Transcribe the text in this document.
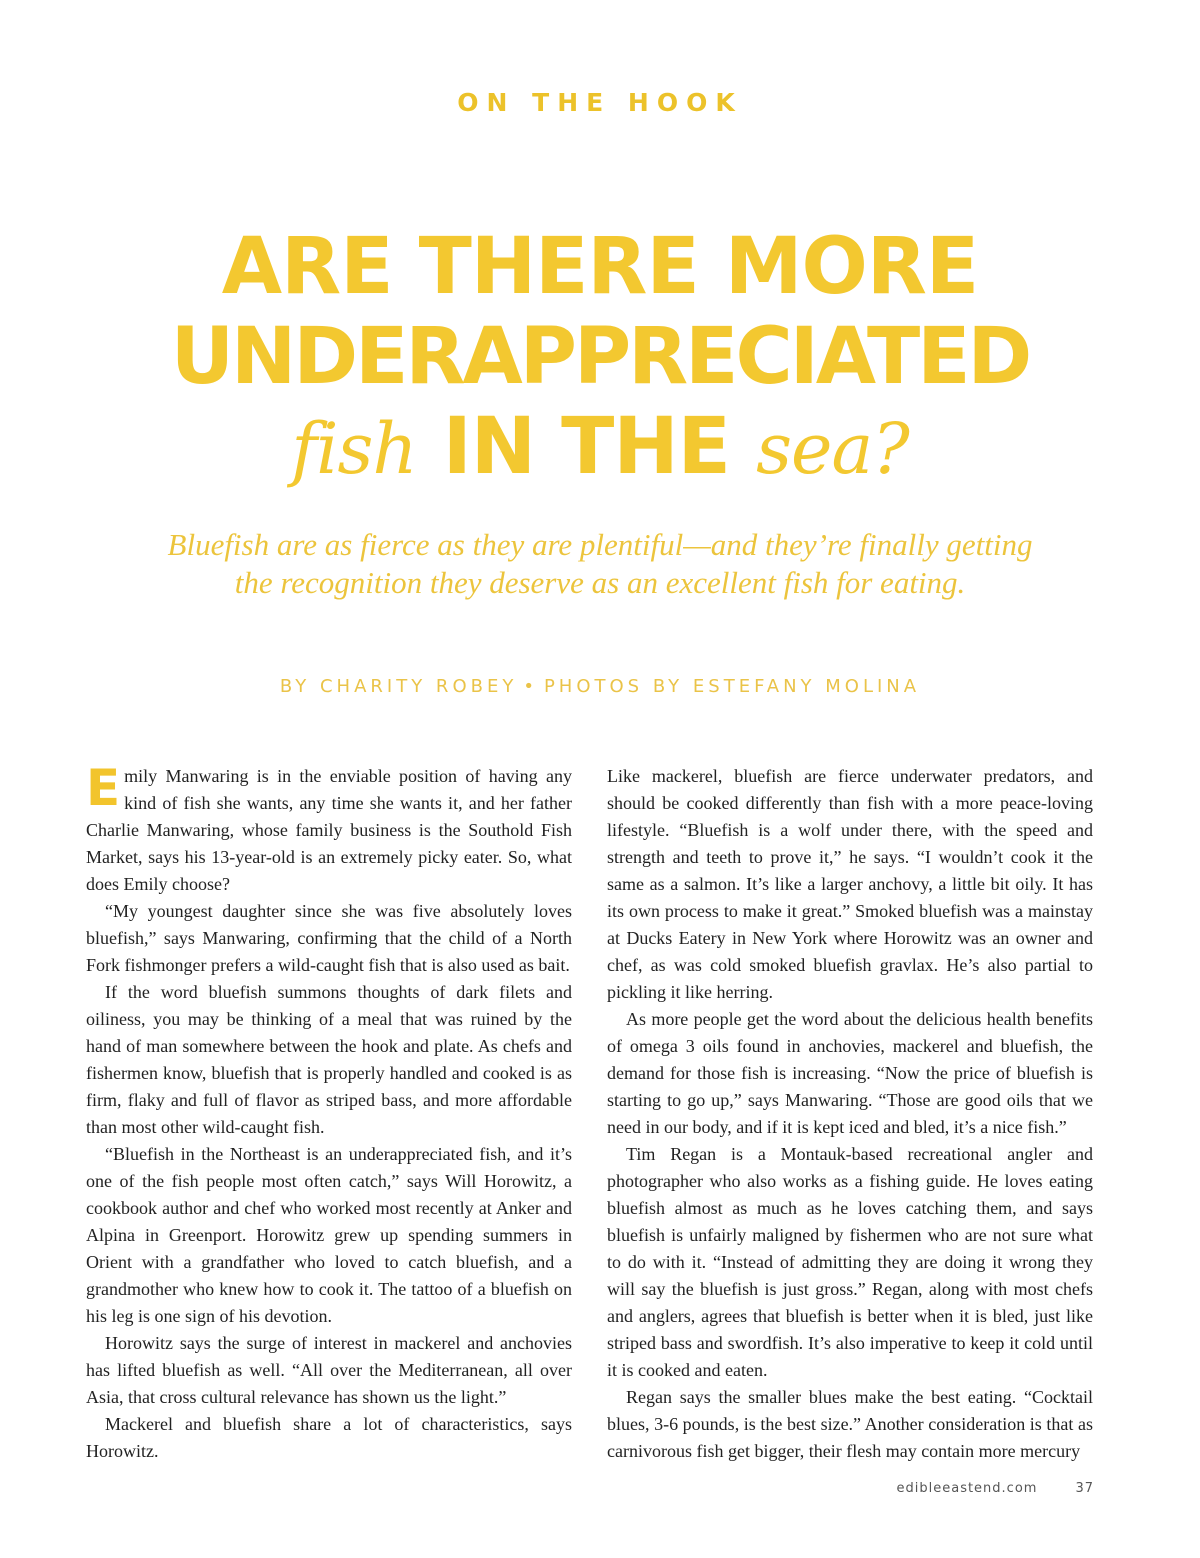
ON THE HOOK
ARE THERE MORE
UNDERAPPRECIATED
fish IN THE sea?
Bluefish are as fierce as they are plentiful—and they’re finally getting the recognition they deserve as an excellent fish for eating.
BY CHARITY ROBEY • PHOTOS BY ESTEFANY MOLINA

Emily Manwaring is in the enviable position of having any kind of fish she wants, any time she wants it, and her father Charlie Manwaring, whose family business is the Southold Fish Market, says his 13-year-old is an extremely picky eater. So, what does Emily choose?

“My youngest daughter since she was five absolutely loves bluefish,” says Manwaring, confirming that the child of a North Fork fishmonger prefers a wild-caught fish that is also used as bait.

If the word bluefish summons thoughts of dark filets and oiliness, you may be thinking of a meal that was ruined by the hand of man somewhere between the hook and plate. As chefs and fishermen know, bluefish that is properly handled and cooked is as firm, flaky and full of flavor as striped bass, and more affordable than most other wild-caught fish.

“Bluefish in the Northeast is an underappreciated fish, and it’s one of the fish people most often catch,” says Will Horowitz, a cookbook author and chef who worked most recently at Anker and Alpina in Greenport. Horowitz grew up spending summers in Orient with a grandfather who loved to catch bluefish, and a grandmother who knew how to cook it. The tattoo of a bluefish on his leg is one sign of his devotion.

Horowitz says the surge of interest in mackerel and anchovies has lifted bluefish as well. “All over the Mediterranean, all over Asia, that cross cultural relevance has shown us the light.”

Mackerel and bluefish share a lot of characteristics, says Horowitz.

Like mackerel, bluefish are fierce underwater predators, and should be cooked differently than fish with a more peace-loving lifestyle. “Bluefish is a wolf under there, with the speed and strength and teeth to prove it,” he says. “I wouldn’t cook it the same as a salmon. It’s like a larger anchovy, a little bit oily. It has its own process to make it great.” Smoked bluefish was a mainstay at Ducks Eatery in New York where Horowitz was an owner and chef, as was cold smoked bluefish gravlax. He’s also partial to pickling it like herring.

As more people get the word about the delicious health benefits of omega 3 oils found in anchovies, mackerel and bluefish, the demand for those fish is increasing. “Now the price of bluefish is starting to go up,” says Manwaring. “Those are good oils that we need in our body, and if it is kept iced and bled, it’s a nice fish.”

Tim Regan is a Montauk-based recreational angler and photographer who also works as a fishing guide. He loves eating bluefish almost as much as he loves catching them, and says bluefish is unfairly maligned by fishermen who are not sure what to do with it. “Instead of admitting they are doing it wrong they will say the bluefish is just gross.” Regan, along with most chefs and anglers, agrees that bluefish is better when it is bled, just like striped bass and swordfish. It’s also imperative to keep it cold until it is cooked and eaten.

Regan says the smaller blues make the best eating. “Cocktail blues, 3-6 pounds, is the best size.” Another consideration is that as carnivorous fish get bigger, their flesh may contain more mercury

edibleeastend.com	37
